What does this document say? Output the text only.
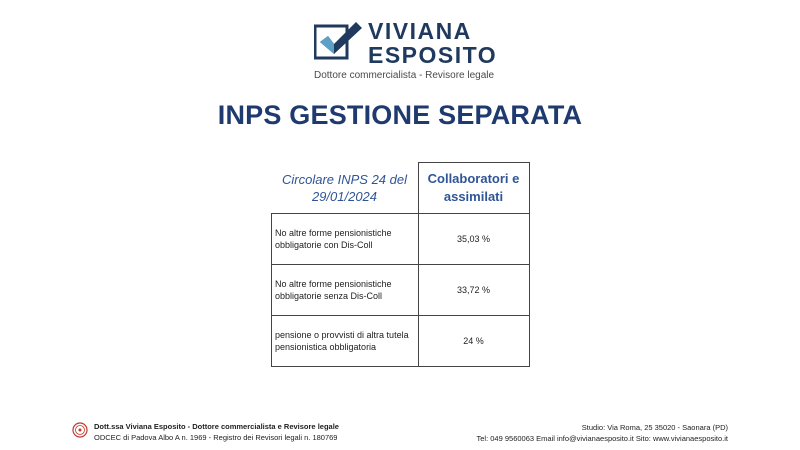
VIVIANA
ESPOSITO
Dottore commercialista - Revisore legale
INPS GESTIONE SEPARATA
Circolare INPS 24 del 29/01/2024	Collaboratori e assimilati
No altre forme pensionistiche obbligatorie con Dis-Coll	35,03 %
No altre forme pensionistiche obbligatorie senza Dis-Coll	33,72 %
pensione o provvisti di altra tutela pensionistica obbligatoria	24 %
Dott.ssa Viviana Esposito - Dottore commercialista e Revisore legale
ODCEC di Padova Albo A n. 1969 - Registro dei Revisori legali n. 180769
Studio: Via Roma, 25 35020 - Saonara (PD)
Tel: 049 9560063 Email info@vivianaesposito.it Sito: www.vivianaesposito.it
